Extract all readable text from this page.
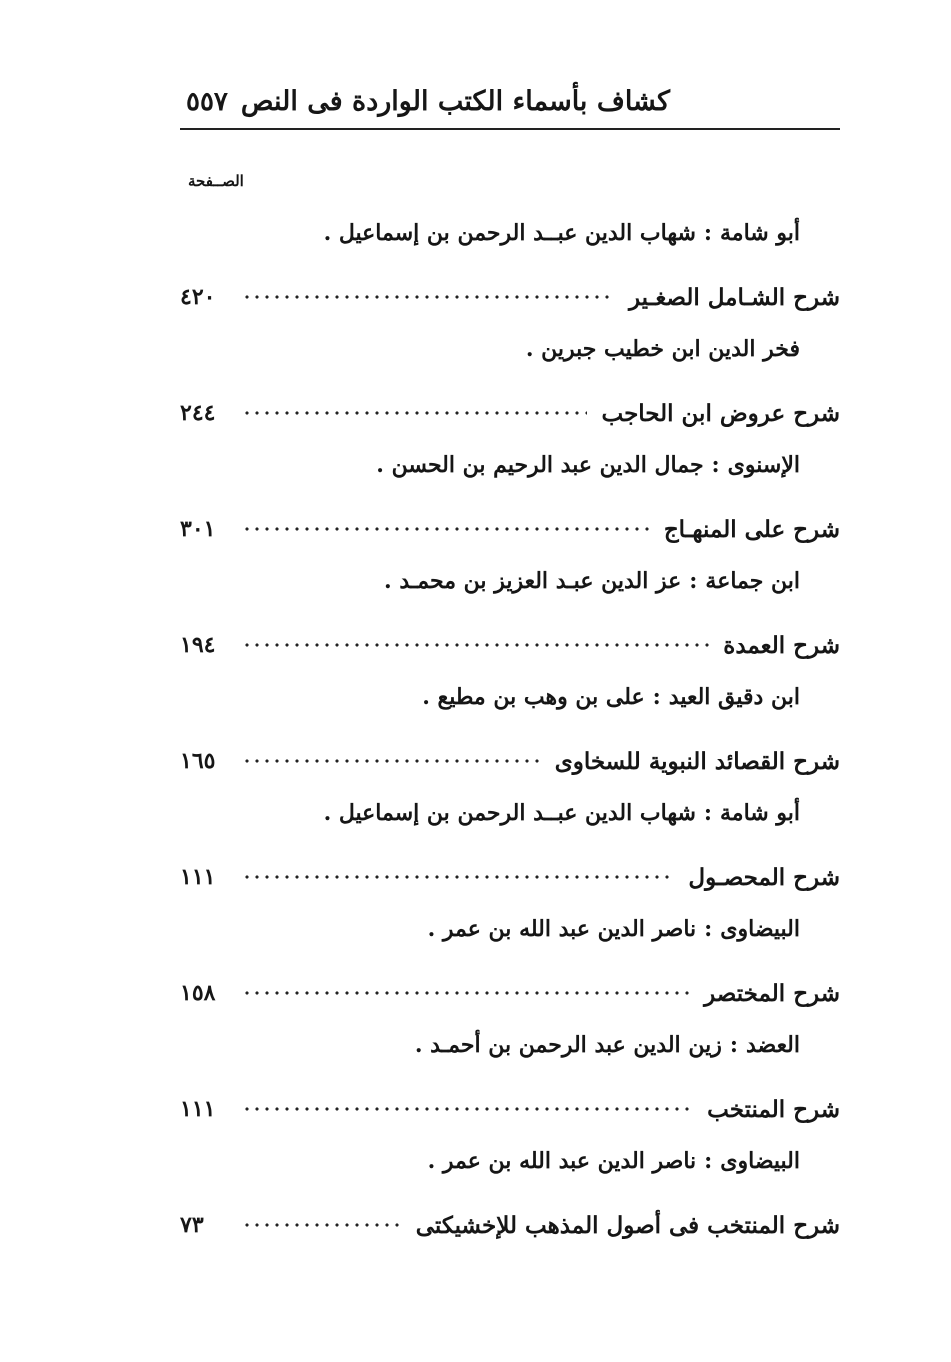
كشاف بأسماء الكتب الواردة فى النص
٥٥٧
الصــفحة
أبو شامة:شهاب الدين عبــد الرحمن بن إسماعيل .
شرح الشـامل الصغـير
٤٢٠
فخر الدين ابن خطيب جبرين .
شرح عروض ابن الحاجب
٢٤٤
الإسنوى:جمال الدين عبد الرحيم بن الحسن .
شرح على المنهـاج
٣٠١
ابن جماعة:عز الدين عبـد العزيز بن محمـد .
شرح العمدة
١٩٤
ابن دقيق العيد:على بن وهب بن مطيع .
شرح القصائد النبوية للسخاوى
١٦٥
أبو شامة:شهاب الدين عبــد الرحمن بن إسماعيل .
شرح المحصـول
١١١
البيضاوى:ناصر الدين عبد الله بن عمر .
شرح المختصر
١٥٨
العضد:زين الدين عبد الرحمن بن أحمـد .
شرح المنتخب
١١١
البيضاوى:ناصر الدين عبد الله بن عمر .
شرح المنتخب فى أصول المذهب للإخشيكتى
٧٣
